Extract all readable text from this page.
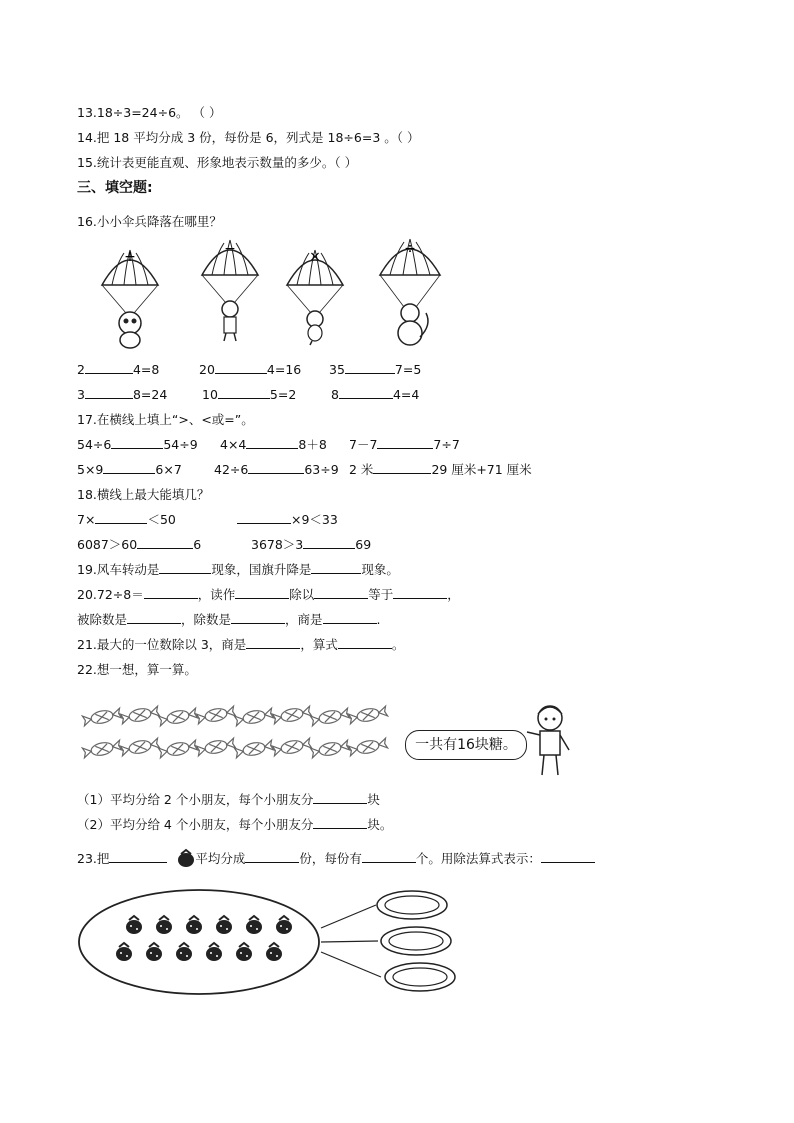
13.18÷3=24÷6。 （ ）
14.把 18 平均分成 3 份，每份是 6，列式是 18÷6=3 。（ ）
15.统计表更能直观、形象地表示数量的多少。（ ）
三、填空题:
16.小小伞兵降落在哪里？
+	−	×	÷
2	4=8	20	4=16 35	7=5
3	8=24	10	5=2	8	4=4
17.在横线上填上“>、<或=”。
54÷6	54÷9 4×4	8＋8 7－7	7÷7
5×9	6×7	42÷6	63÷9 2 米	29 厘米+71 厘米
18.横线上最大能填几？
7×	＜50	×9＜33
6087＞60	6	3678＞3	69
19.风车转动是	现象，国旗升降是	现象。
20.72÷8＝	，读作	除以	等于	，
被除数是	，除数是	，商是	.
21.最大的一位数除以 3，商是	，算式	。
22.想一想，算一算。
一共有16块糖。
（1）平均分给 2 个小朋友，每个小朋友分	块
（2）平均分给 4 个小朋友，每个小朋友分	块。
23.把	平均分成	份，每份有	个。用除法算式表示：
